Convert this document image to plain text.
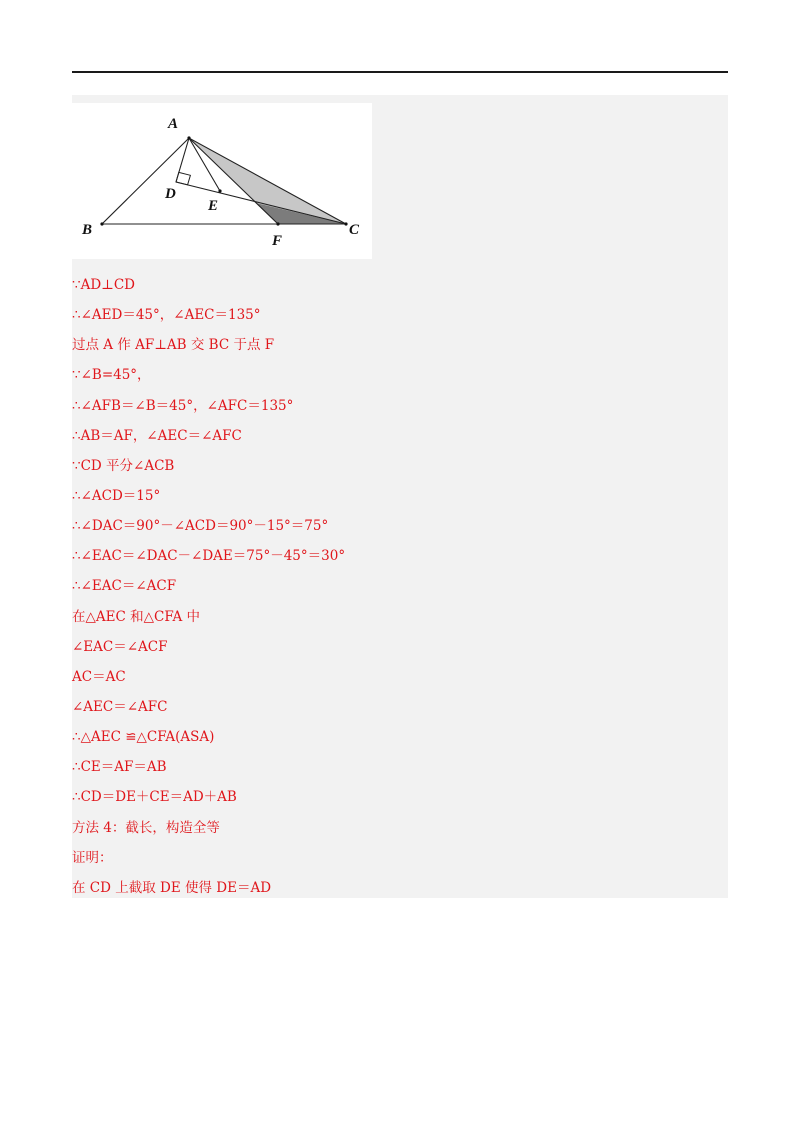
A
B	C
D
E
F
∵AD⊥CD
∴∠AED＝45°，∠AEC＝135°
过点 A 作 AF⊥AB 交 BC 于点 F
∵∠B=45°，
∴∠AFB＝∠B＝45°，∠AFC＝135°
∴AB＝AF，∠AEC＝∠AFC
∵CD 平分∠ACB
∴∠ACD＝15°
∴∠DAC＝90°－∠ACD＝90°－15°＝75°
∴∠EAC＝∠DAC－∠DAE＝75°－45°＝30°
∴∠EAC＝∠ACF
在△AEC 和△CFA 中
∠EAC＝∠ACF
AC＝AC
∠AEC＝∠AFC
∴△AEC ≌△CFA(ASA)
∴CE＝AF＝AB
∴CD＝DE＋CE＝AD＋AB
方法 4：截长，构造全等
证明：
在 CD 上截取 DE 使得 DE＝AD
